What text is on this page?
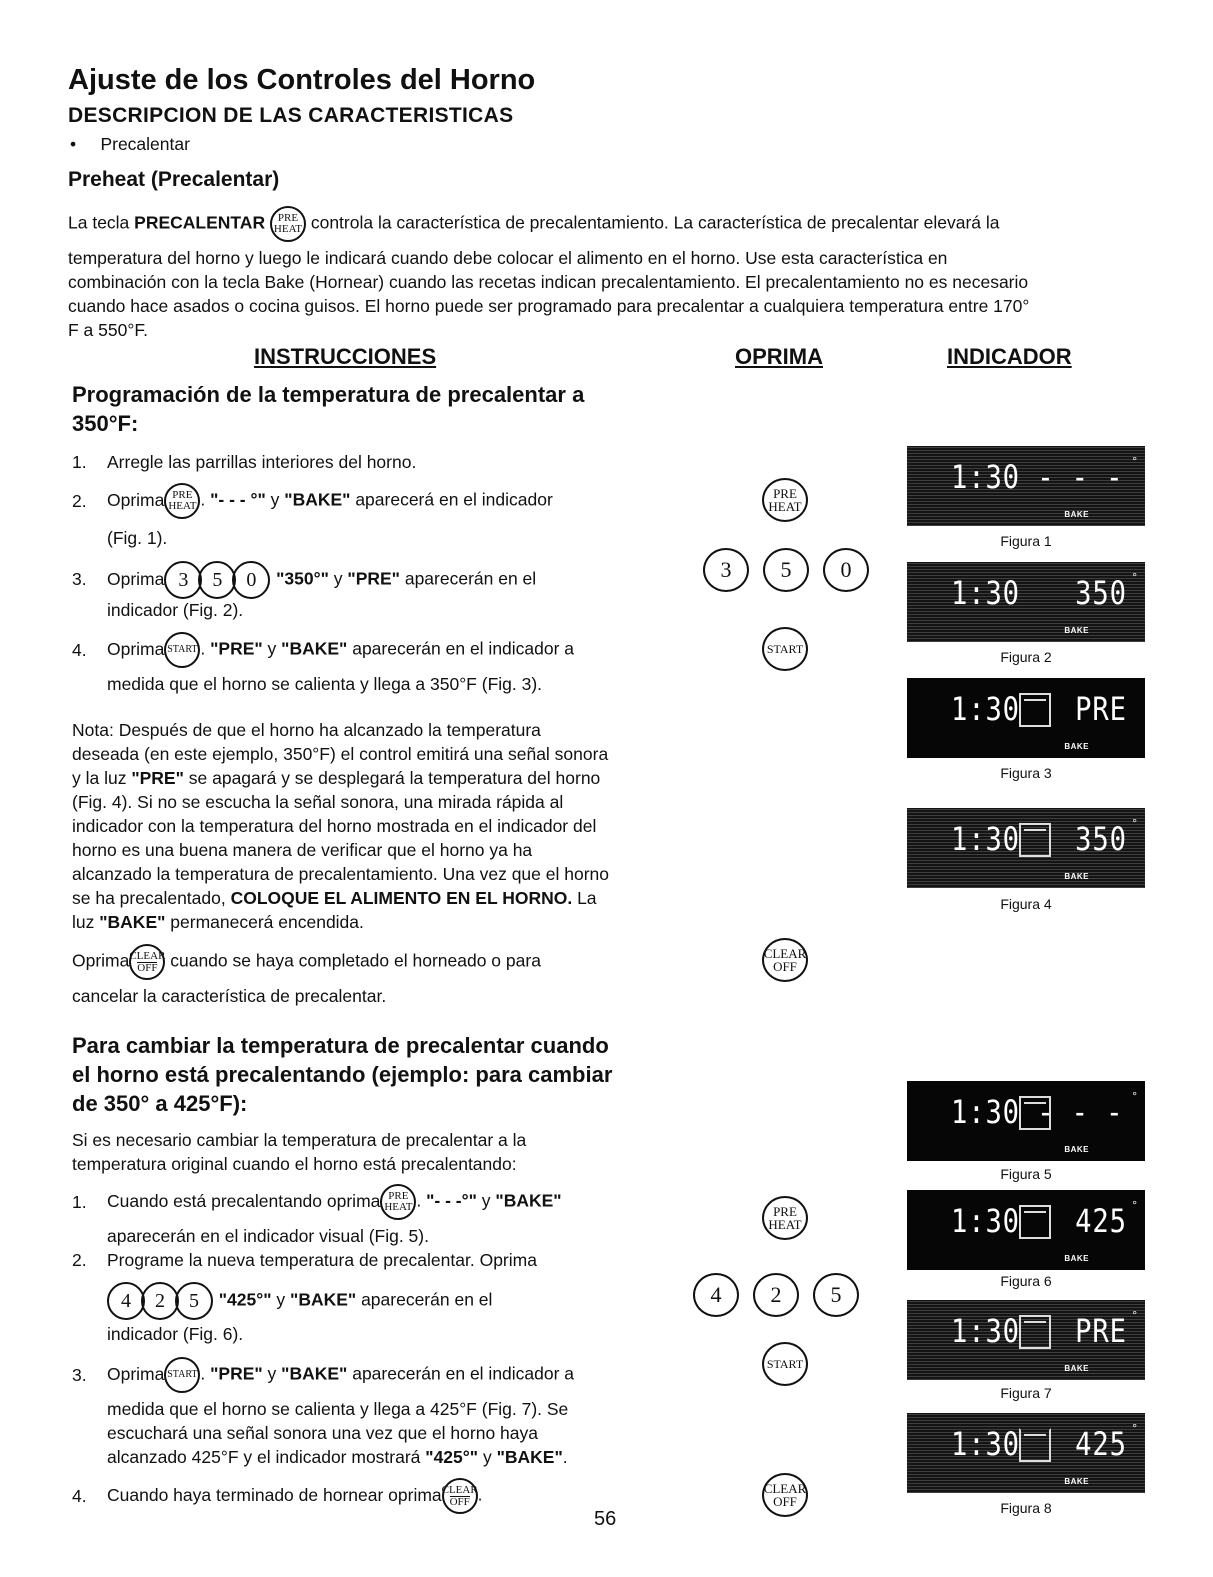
Ajuste de los Controles del Horno
DESCRIPCION DE LAS CARACTERISTICAS
•     Precalentar
Preheat (Precalentar)
La tecla PRECALENTAR PRE
HEAT controla la característica de precalentamiento. La característica de precalentar elevará la
temperatura del horno y luego le indicará cuando debe colocar el alimento en el horno. Use esta característica en
combinación con la tecla Bake (Hornear) cuando las recetas indican precalentamiento. El precalentamiento no es necesario
cuando hace asados o cocina guisos. El horno puede ser programado para precalentar a cualquiera temperatura entre 170°
F a 550°F.
INSTRUCCIONES	OPRIMA	INDICADOR
Programación de la temperatura de precalentar a
350°F:
1. Arregle las parrillas interiores del horno.
2. Oprima PRE
HEAT . "- - - °" y "BAKE" aparecerá en el indicador
(Fig. 1).
3. Oprima 3 5 0 . "350°" y "PRE" aparecerán en el
indicador (Fig. 2).
4. Oprima START . "PRE" y "BAKE" aparecerán en el indicador a
medida que el horno se calienta y llega a 350°F (Fig. 3).
Nota: Después de que el horno ha alcanzado la temperatura
deseada (en este ejemplo, 350°F) el control emitirá una señal sonora
y la luz "PRE" se apagará y se desplegará la temperatura del horno
(Fig. 4). Si no se escucha la señal sonora, una mirada rápida al
indicador con la temperatura del horno mostrada en el indicador del
horno es una buena manera de verificar que el horno ya ha
alcanzado la temperatura de precalentamiento. Una vez que el horno
se ha precalentado, COLOQUE EL ALIMENTO EN EL HORNO. La
luz "BAKE" permanecerá encendida.
Oprima CLEAR
OFF cuando se haya completado el horneado o para
cancelar la característica de precalentar.
Para cambiar la temperatura de precalentar cuando
el horno está precalentando (ejemplo: para cambiar
de 350° a 425°F):
Si es necesario cambiar la temperatura de precalentar a la
temperatura original cuando el horno está precalentando:
1. Cuando está precalentando oprima PRE
HEAT . "- - -°" y "BAKE"
aparecerán en el indicador visual (Fig. 5).
2. Programe la nueva temperatura de precalentar. Oprima
4 2 5 . "425°" y "BAKE" aparecerán en el
indicador (Fig. 6).
3. Oprima START . "PRE" y "BAKE" aparecerán en el indicador a
medida que el horno se calienta y llega a 425°F (Fig. 7). Se
escuchará una señal sonora una vez que el horno haya
alcanzado 425°F y el indicador mostrará "425°" y "BAKE".
4. Cuando haya terminado de hornear oprima CLEAR
OFF .
56
PRE
HEAT
3	5	0
START
CLEAR
OFF
PRE
HEAT
4	2	5
START
CLEAR
OFF
1:30 - - - °
BAKE
Figura 1
1:30 350 °
BAKE
Figura 2
1:30 PRE
BAKE
Figura 3
1:30 350 °
BAKE
Figura 4
1:30 - - - °
BAKE
Figura 5
1:30 425 °
BAKE
Figura 6
1:30 PRE °
BAKE
Figura 7
1:30 425 °
BAKE
Figura 8
